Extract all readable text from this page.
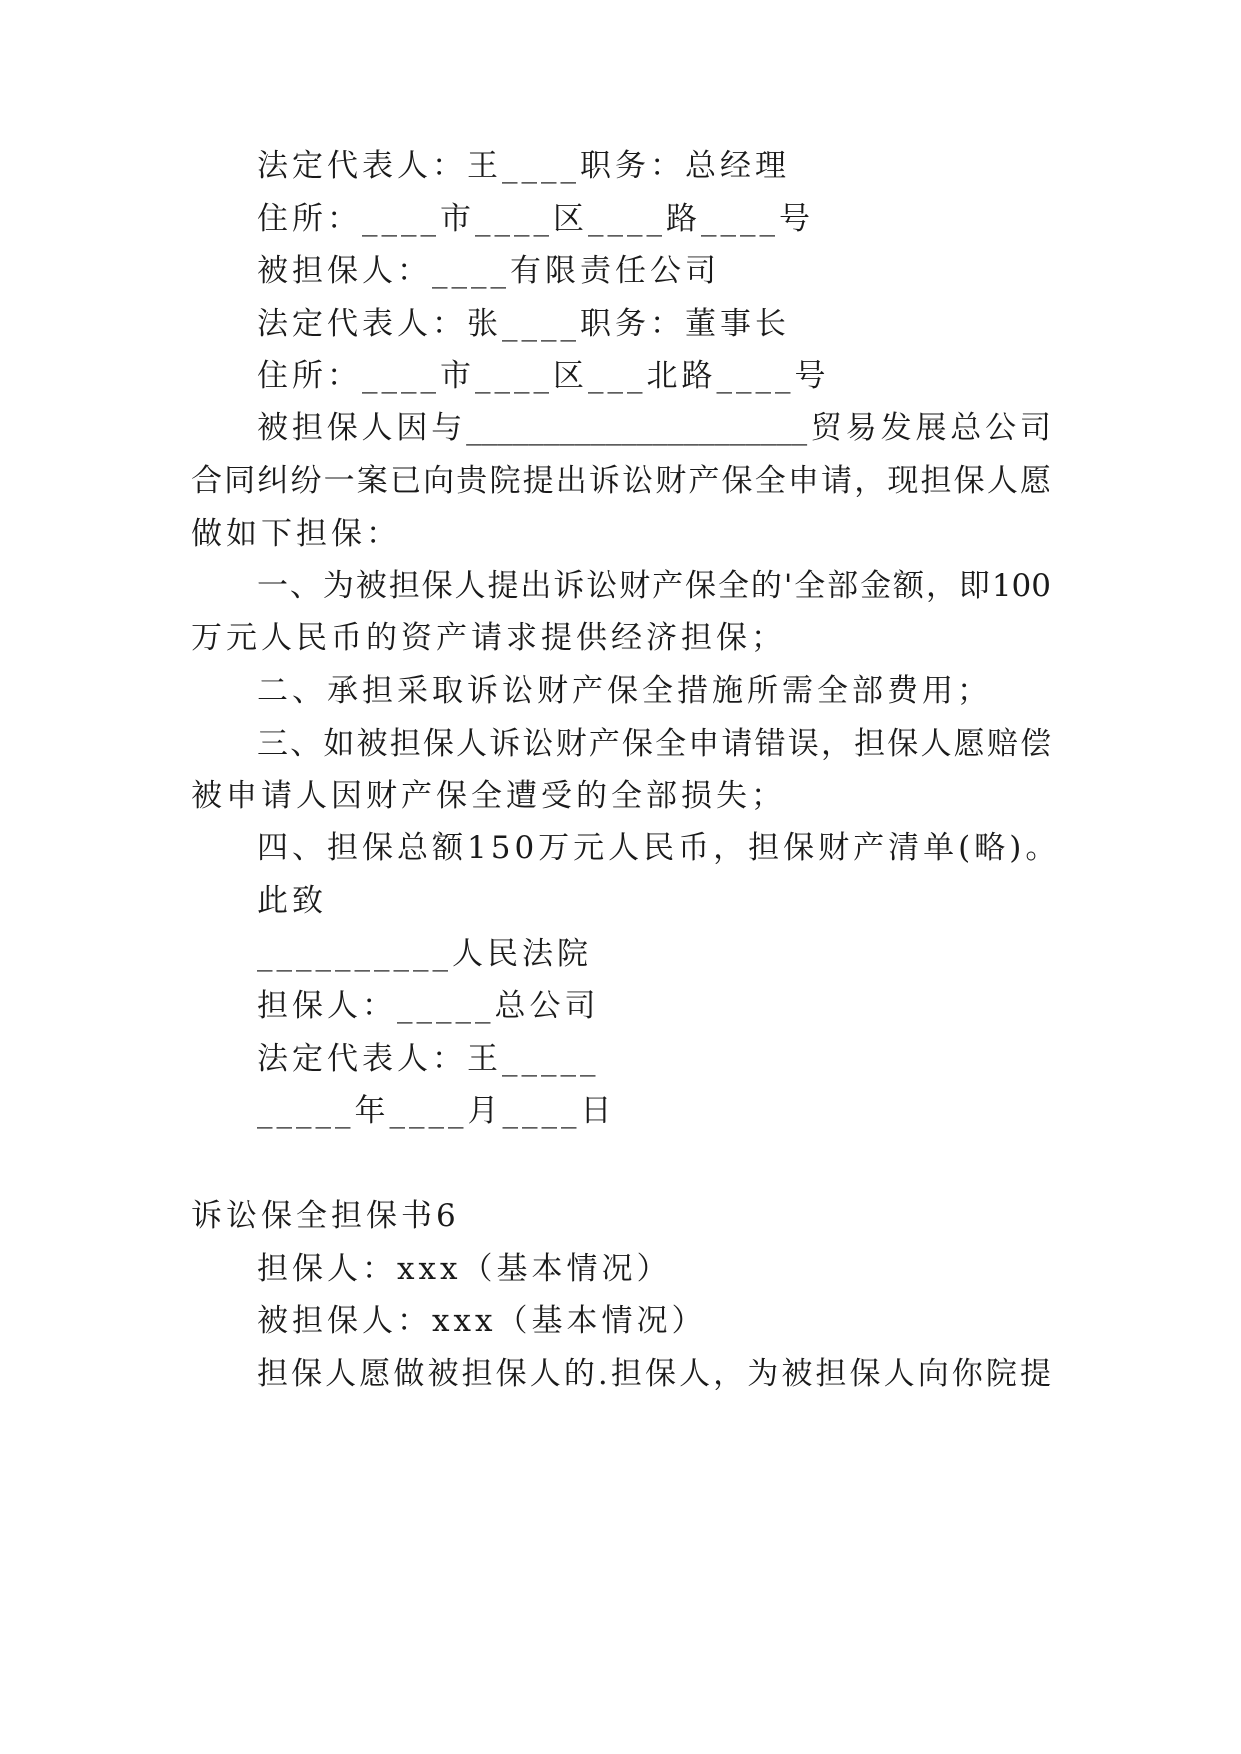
法定代表人：王____职务：总经理
住所：____市____区____路____号
被担保人：____有限责任公司
法定代表人：张____职务：董事长
住所：____市____区___北路____号
被担保人因与______________________贸易发展总公司
合同纠纷一案已向贵院提出诉讼财产保全申请，现担保人愿
做如下担保：
一、为被担保人提出诉讼财产保全的'全部金额，即100
万元人民币的资产请求提供经济担保；
二、承担采取诉讼财产保全措施所需全部费用；
三、如被担保人诉讼财产保全申请错误，担保人愿赔偿
被申请人因财产保全遭受的全部损失；
四、担保总额150万元人民币，担保财产清单(略)。
此致
__________人民法院
担保人：_____总公司
法定代表人：王_____
_____年____月____日
诉讼保全担保书6
担保人：xxx（基本情况）
被担保人：xxx（基本情况）
担保人愿做被担保人的.担保人，为被担保人向你院提
